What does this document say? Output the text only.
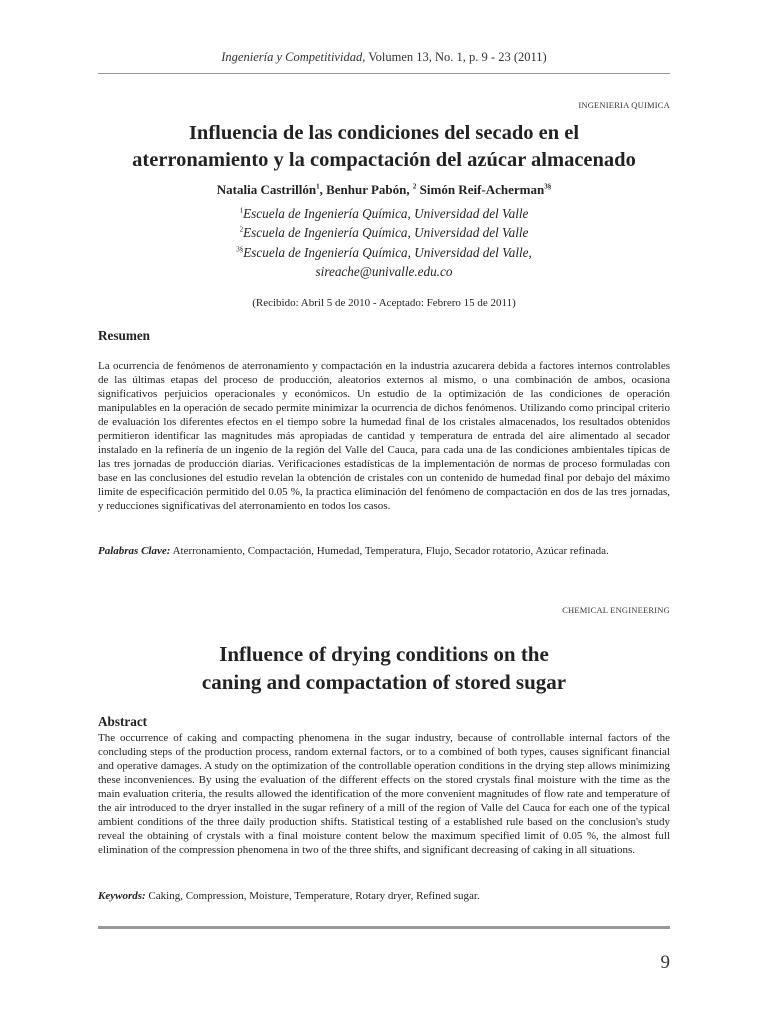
Ingeniería y Competitividad, Volumen 13, No. 1, p. 9 - 23 (2011)
INGENIERIA QUIMICA
Influencia de las condiciones del secado en el
aterronamiento y la compactación del azúcar almacenado
Natalia Castrillón$^1$, Benhur Pabón, $^2$ Simón Reif-Acherman$^{3\S}$
$^1$Escuela de Ingeniería Química, Universidad del Valle
$^2$Escuela de Ingeniería Química, Universidad del Valle
$^{3\S}$Escuela de Ingeniería Química, Universidad del Valle,
sireache@univalle.edu.co
(Recibido: Abril 5 de 2010 - Aceptado: Febrero 15 de 2011)
Resumen

La ocurrencia de fenómenos de aterronamiento y compactación en la industria azucarera debida a factores internos controlables de las últimas etapas del proceso de producción, aleatorios externos al mismo, o una combinación de ambos, ocasiona significativos perjuicios operacionales y económicos. Un estudio de la optimización de las condiciones de operación manipulables en la operación de secado permite minimizar la ocurrencia de dichos fenómenos. Utilizando como principal criterio de evaluación los diferentes efectos en el tiempo sobre la humedad final de los cristales almacenados, los resultados obtenidos permitieron identificar las magnitudes más apropiadas de cantidad y temperatura de entrada del aire alimentado al secador instalado en la refinería de un ingenio de la región del Valle del Cauca, para cada una de las condiciones ambientales típicas de las tres jornadas de producción diarias. Verificaciones estadísticas de la implementación de normas de proceso formuladas con base en las conclusiones del estudio revelan la obtención de cristales con un contenido de humedad final por debajo del máximo limite de especificación permitido del 0.05 %, la practica eliminación del fenómeno de compactación en dos de las tres jornadas, y reducciones significativas del aterronamiento en todos los casos.

Palabras Clave: Aterronamiento, Compactación, Humedad, Temperatura, Flujo, Secador rotatorio, Azúcar refinada.
CHEMICAL ENGINEERING
Influence of drying conditions on the
caning and compactation of stored sugar
Abstract

The occurrence of caking and compacting phenomena in the sugar industry, because of controllable internal factors of the concluding steps of the production process, random external factors, or to a combined of both types, causes significant financial and operative damages. A study on the optimization of the controllable operation conditions in the drying step allows minimizing these inconveniences. By using the evaluation of the different effects on the stored crystals final moisture with the time as the main evaluation criteria, the results allowed the identification of the more convenient magnitudes of flow rate and temperature of the air introduced to the dryer installed in the sugar refinery of a mill of the region of Valle del Cauca for each one of the typical ambient conditions of the three daily production shifts. Statistical testing of a established rule based on the conclusion's study reveal the obtaining of crystals with a final moisture content below the maximum specified limit of 0.05 %, the almost full elimination of the compression phenomena in two of the three shifts, and significant decreasing of caking in all situations.

Keywords: Caking, Compression, Moisture, Temperature, Rotary dryer, Refined sugar.
9
